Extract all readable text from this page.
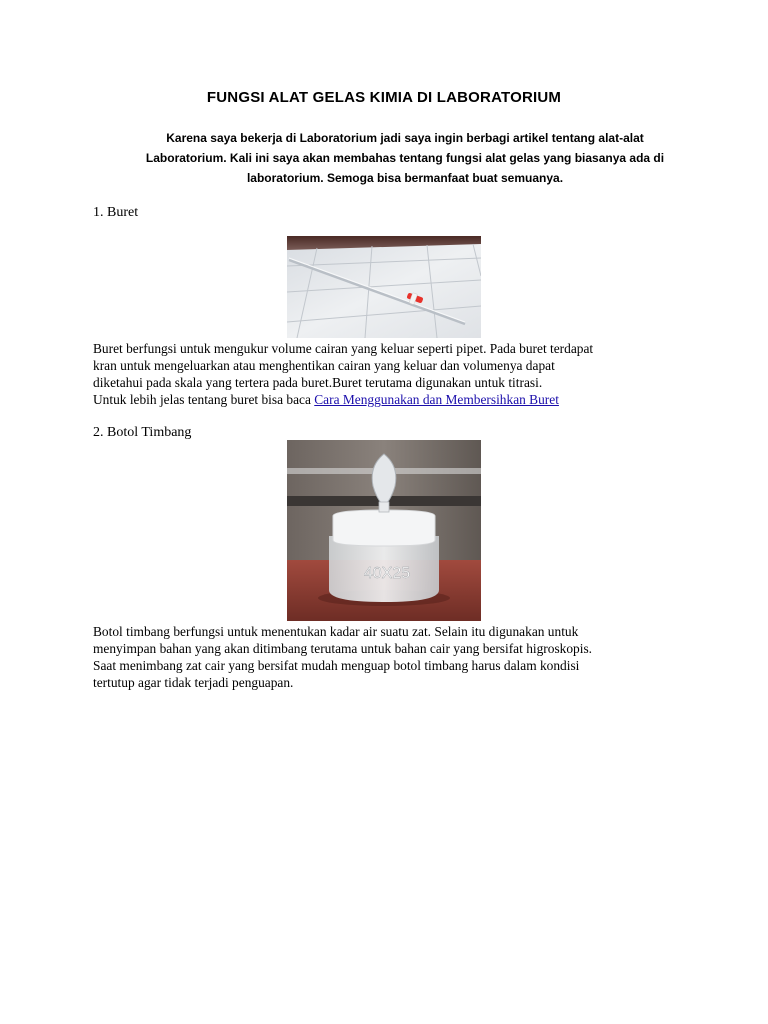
FUNGSI ALAT GELAS KIMIA DI LABORATORIUM
Karena saya bekerja di Laboratorium jadi saya ingin berbagi artikel tentang alat-alat
Laboratorium. Kali ini saya akan membahas tentang fungsi alat gelas yang biasanya ada di
laboratorium. Semoga bisa bermanfaat buat semuanya.
1. Buret
Buret berfungsi untuk mengukur volume cairan yang keluar seperti pipet. Pada buret terdapat
kran untuk mengeluarkan atau menghentikan cairan yang keluar dan volumenya dapat
diketahui pada skala yang tertera pada buret.Buret terutama digunakan untuk titrasi.
Untuk lebih jelas tentang buret bisa baca Cara Menggunakan dan Membersihkan Buret
2. Botol Timbang
40X25
Botol timbang berfungsi untuk menentukan kadar air suatu zat. Selain itu digunakan untuk
menyimpan bahan yang akan ditimbang terutama untuk bahan cair yang bersifat higroskopis.
Saat menimbang zat cair yang bersifat mudah menguap botol timbang harus dalam kondisi
tertutup agar tidak terjadi penguapan.
